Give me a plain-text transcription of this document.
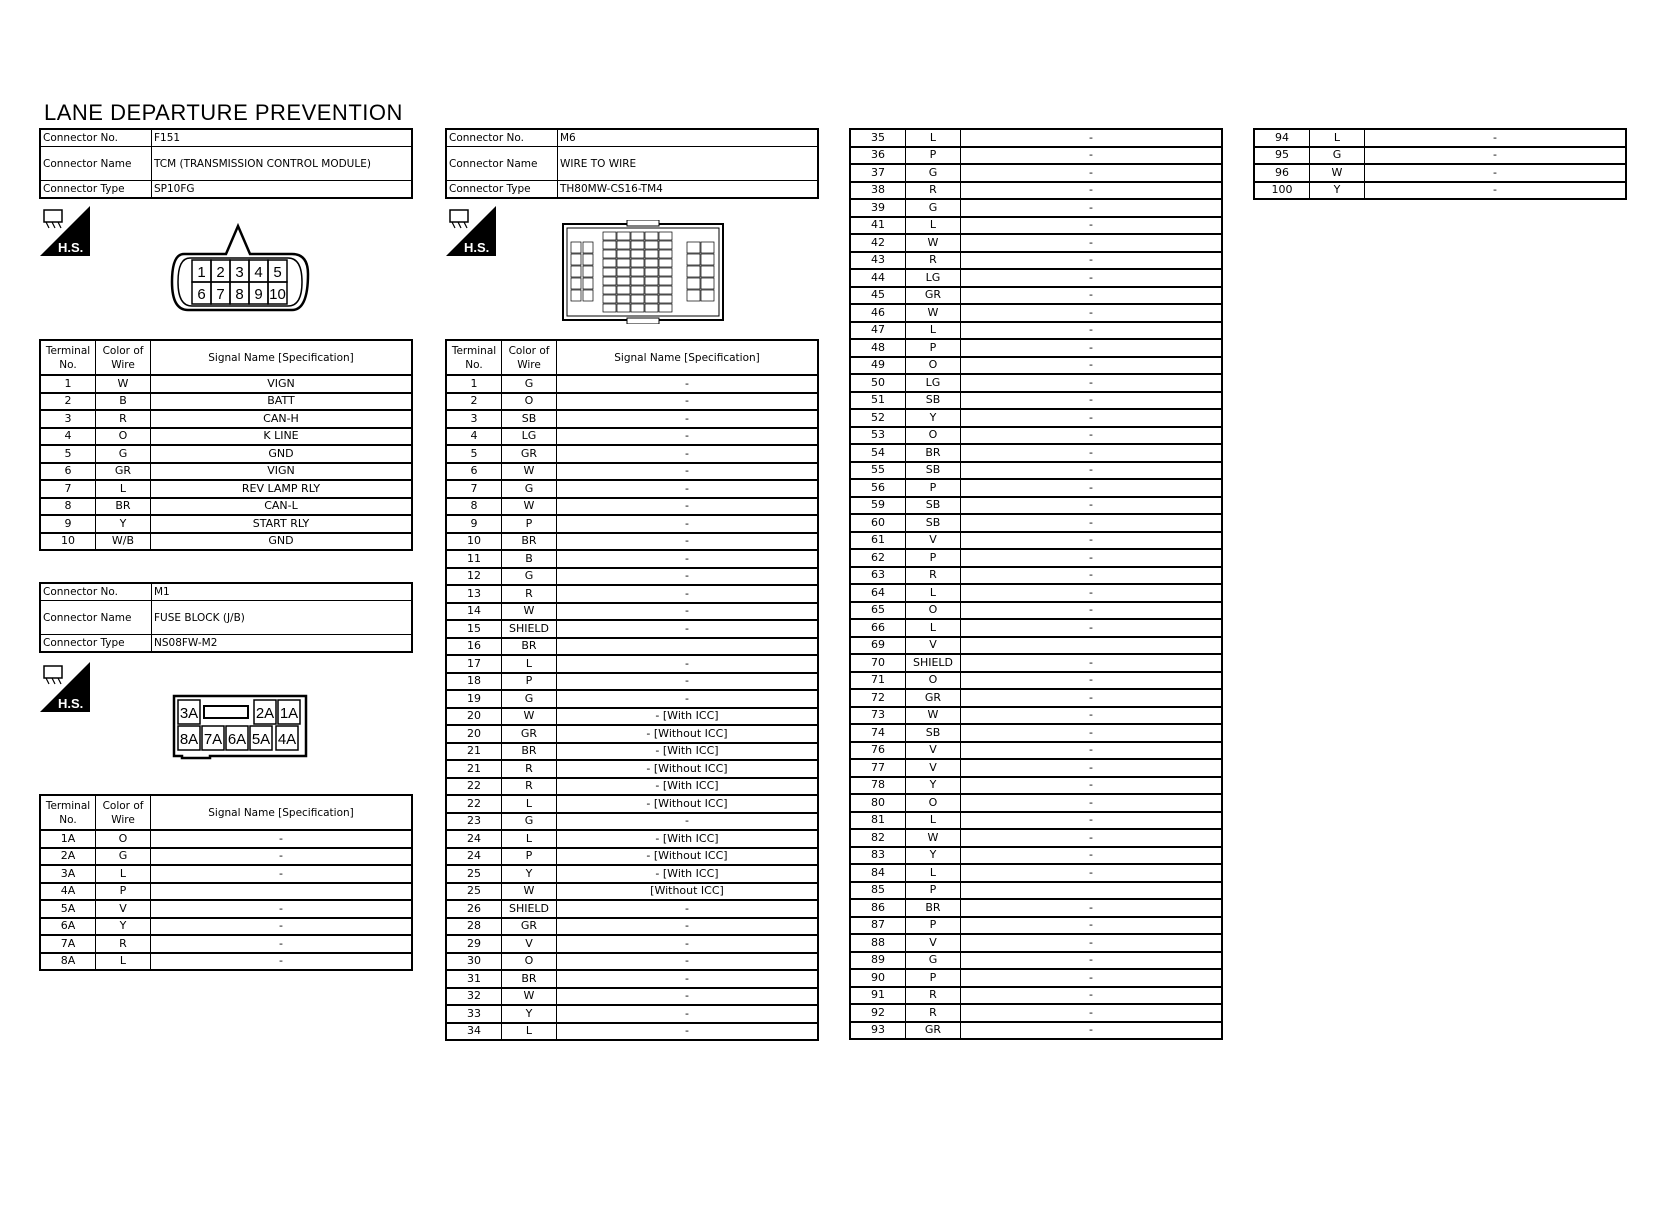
LANE DEPARTURE PREVENTION
Connector No.	F151
Connector Name	TCM (TRANSMISSION CONTROL MODULE)
Connector Type	SP10FG
H.S.
1 2 3 4 5
6 7 8 9 10
Terminal No.	Color of Wire	Signal Name [Specification]
1	W	VIGN
2	B	BATT
3	R	CAN-H
4	O	K LINE
5	G	GND
6	GR	VIGN
7	L	REV LAMP RLY
8	BR	CAN-L
9	Y	START RLY
10	W/B	GND
Connector No.	M1
Connector Name	FUSE BLOCK (J/B)
Connector Type	NS08FW-M2
H.S.
3A	2A 1A
8A 7A 6A 5A 4A
Terminal No.	Color of Wire	Signal Name [Specification]
1A	O	-
2A	G	-
3A	L	-
4A	P	
5A	V	-
6A	Y	-
7A	R	-
8A	L	-
Connector No.	M6
Connector Name	WIRE TO WIRE
Connector Type	TH80MW-CS16-TM4
H.S.
Terminal No.	Color of Wire	Signal Name [Specification]
1	G	-
2	O	-
3	SB	-
4	LG	-
5	GR	-
6	W	-
7	G	-
8	W	-
9	P	-
10	BR	-
11	B	-
12	G	-
13	R	-
14	W	-
15	SHIELD	-
16	BR	
17	L	-
18	P	-
19	G	-
20	W	- [With ICC]
20	GR	- [Without ICC]
21	BR	- [With ICC]
21	R	- [Without ICC]
22	R	- [With ICC]
22	L	- [Without ICC]
23	G	-
24	L	- [With ICC]
24	P	- [Without ICC]
25	Y	- [With ICC]
25	W	[Without ICC]
26	SHIELD	-
28	GR	-
29	V	-
30	O	-
31	BR	-
32	W	-
33	Y	-
34	L	-
35	L	-
36	P	-
37	G	-
38	R	-
39	G	-
41	L	-
42	W	-
43	R	-
44	LG	-
45	GR	-
46	W	-
47	L	-
48	P	-
49	O	-
50	LG	-
51	SB	-
52	Y	-
53	O	-
54	BR	-
55	SB	-
56	P	-
59	SB	-
60	SB	-
61	V	-
62	P	-
63	R	-
64	L	-
65	O	-
66	L	-
69	V	
70	SHIELD	-
71	O	-
72	GR	-
73	W	-
74	SB	-
76	V	-
77	V	-
78	Y	-
80	O	-
81	L	-
82	W	-
83	Y	-
84	L	-
85	P	
86	BR	-
87	P	-
88	V	-
89	G	-
90	P	-
91	R	-
92	R	-
93	GR	-
94	L	-
95	G	-
96	W	-
100	Y	-
